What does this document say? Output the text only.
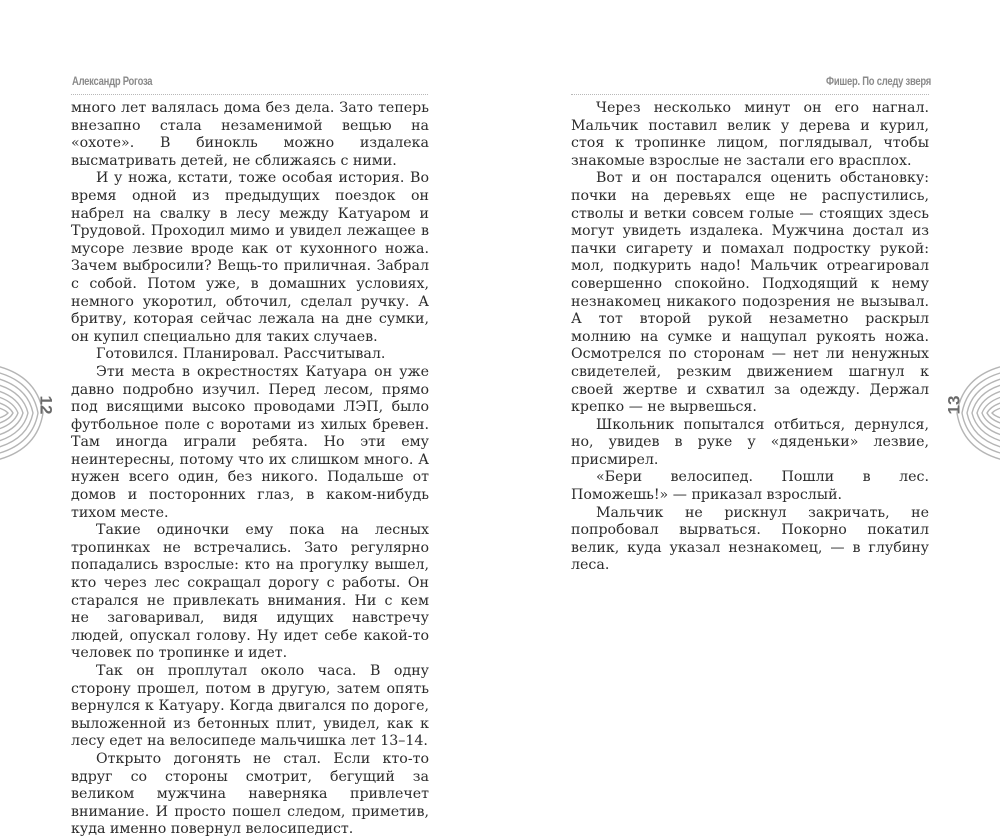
Александр Рогоза

много лет валялась дома без дела. Зато теперь внезапно стала незаменимой вещью на «охоте». В бинокль можно издалека высматривать детей, не сближаясь с ними.

И у ножа, кстати, тоже особая история. Во время одной из предыдущих поездок он набрел на свалку в лесу между Катуаром и Трудовой. Проходил мимо и увидел лежащее в мусоре лезвие вроде как от кухонного ножа. Зачем выбросили? Вещь-то приличная. Забрал с собой. Потом уже, в домашних условиях, немного укоротил, обточил, сделал ручку. А бритву, которая сейчас лежала на дне сумки, он купил специально для таких случаев.

Готовился. Планировал. Рассчитывал.

Эти места в окрестностях Катуара он уже давно подробно изучил. Перед лесом, прямо под висящими высоко проводами ЛЭП, было футбольное поле с воротами из хилых бревен. Там иногда играли ребята. Но эти ему неинтересны, потому что их слишком много. А нужен всего один, без никого. Подальше от домов и посторонних глаз, в каком-нибудь тихом месте.

Такие одиночки ему пока на лесных тропинках не встречались. Зато регулярно попадались взрослые: кто на прогулку вышел, кто через лес сокращал дорогу с работы. Он старался не привлекать внимания. Ни с кем не заговаривал, видя идущих навстречу людей, опускал голову. Ну идет себе какой-то человек по тропинке и идет.

Так он проплутал около часа. В одну сторону прошел, потом в другую, затем опять вернулся к Катуару. Когда двигался по дороге, выложенной из бетонных плит, увидел, как к лесу едет на велосипеде мальчишка лет 13–14.

Открыто догонять не стал. Если кто-то вдруг со стороны смотрит, бегущий за великом мужчина наверняка привлечет внимание. И просто пошел следом, приметив, куда именно повернул велосипедист.

12
Фишер. По следу зверя

Через несколько минут он его нагнал. Мальчик поставил велик у дерева и курил, стоя к тропинке лицом, поглядывал, чтобы знакомые взрослые не застали его врасплох.

Вот и он постарался оценить обстановку: почки на деревьях еще не распустились, стволы и ветки совсем голые — стоящих здесь могут увидеть издалека. Мужчина достал из пачки сигарету и помахал подростку рукой: мол, подкурить надо! Мальчик отреагировал совершенно спокойно. Подходящий к нему незнакомец никакого подозрения не вызывал. А тот второй рукой незаметно раскрыл молнию на сумке и нащупал рукоять ножа. Осмотрелся по сторонам — нет ли ненужных свидетелей, резким движением шагнул к своей жертве и схватил за одежду. Держал крепко — не вырвешься.

Школьник попытался отбиться, дернулся, но, увидев в руке у «дяденьки» лезвие, присмирел.

«Бери велосипед. Пошли в лес. Поможешь!» — приказал взрослый.

Мальчик не рискнул закричать, не попробовал вырваться. Покорно покатил велик, куда указал незнакомец, — в глубину леса.

13
